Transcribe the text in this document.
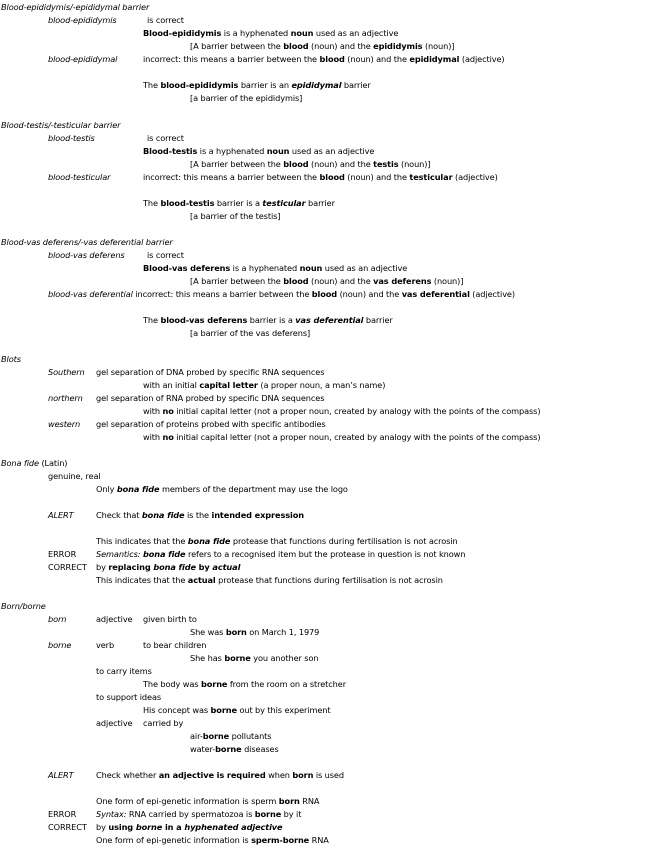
Blood-epididymis/-epididymal barrier
blood-epididymis	is correct
Blood-epididymis is a hyphenated noun used as an adjective
[A barrier between the blood (noun) and the epididymis (noun)]
blood-epididymal	incorrect: this means a barrier between the blood (noun) and the epididymal (adjective)
The blood-epididymis barrier is an epididymal barrier
[a barrier of the epididymis]
Blood-testis/-testicular barrier
blood-testis	is correct
Blood-testis is a hyphenated noun used as an adjective
[A barrier between the blood (noun) and the testis (noun)]
blood-testicular	incorrect: this means a barrier between the blood (noun) and the testicular (adjective)
The blood-testis barrier is a testicular barrier
[a barrier of the testis]
Blood-vas deferens/-vas deferential barrier
blood-vas deferens	is correct
Blood-vas deferens is a hyphenated noun used as an adjective
[A barrier between the blood (noun) and the vas deferens (noun)]
blood-vas deferential incorrect: this means a barrier between the blood (noun) and the vas deferential (adjective)
The blood-vas deferens barrier is a vas deferential barrier
[a barrier of the vas deferens]
Blots
Southern gel separation of DNA probed by specific RNA sequences
with an initial capital letter (a proper noun, a man’s name)
northern gel separation of RNA probed by specific DNA sequences
with no initial capital letter (not a proper noun, created by analogy with the points of the compass)
western gel separation of proteins probed with specific antibodies
with no initial capital letter (not a proper noun, created by analogy with the points of the compass)
Bona fide (Latin)
genuine, real
Only bona fide members of the department may use the logo
ALERT	Check that bona fide is the intended expression
This indicates that the bona fide protease that functions during fertilisation is not acrosin
ERROR Semantics: bona fide refers to a recognised item but the protease in question is not known
CORRECT by replacing bona fide by actual
This indicates that the actual protease that functions during fertilisation is not acrosin
Born/borne
born	adjective given birth to
She was born on March 1, 1979
borne	verb	to bear children
She has borne you another son
to carry items
The body was borne from the room on a stretcher
to support ideas
His concept was borne out by this experiment
adjective carried by
air-borne pollutants
water-borne diseases
ALERT	Check whether an adjective is required when born is used
One form of epi-genetic information is sperm born RNA
ERROR Syntax: RNA carried by spermatozoa is borne by it
CORRECT by using borne in a hyphenated adjective
One form of epi-genetic information is sperm-borne RNA
